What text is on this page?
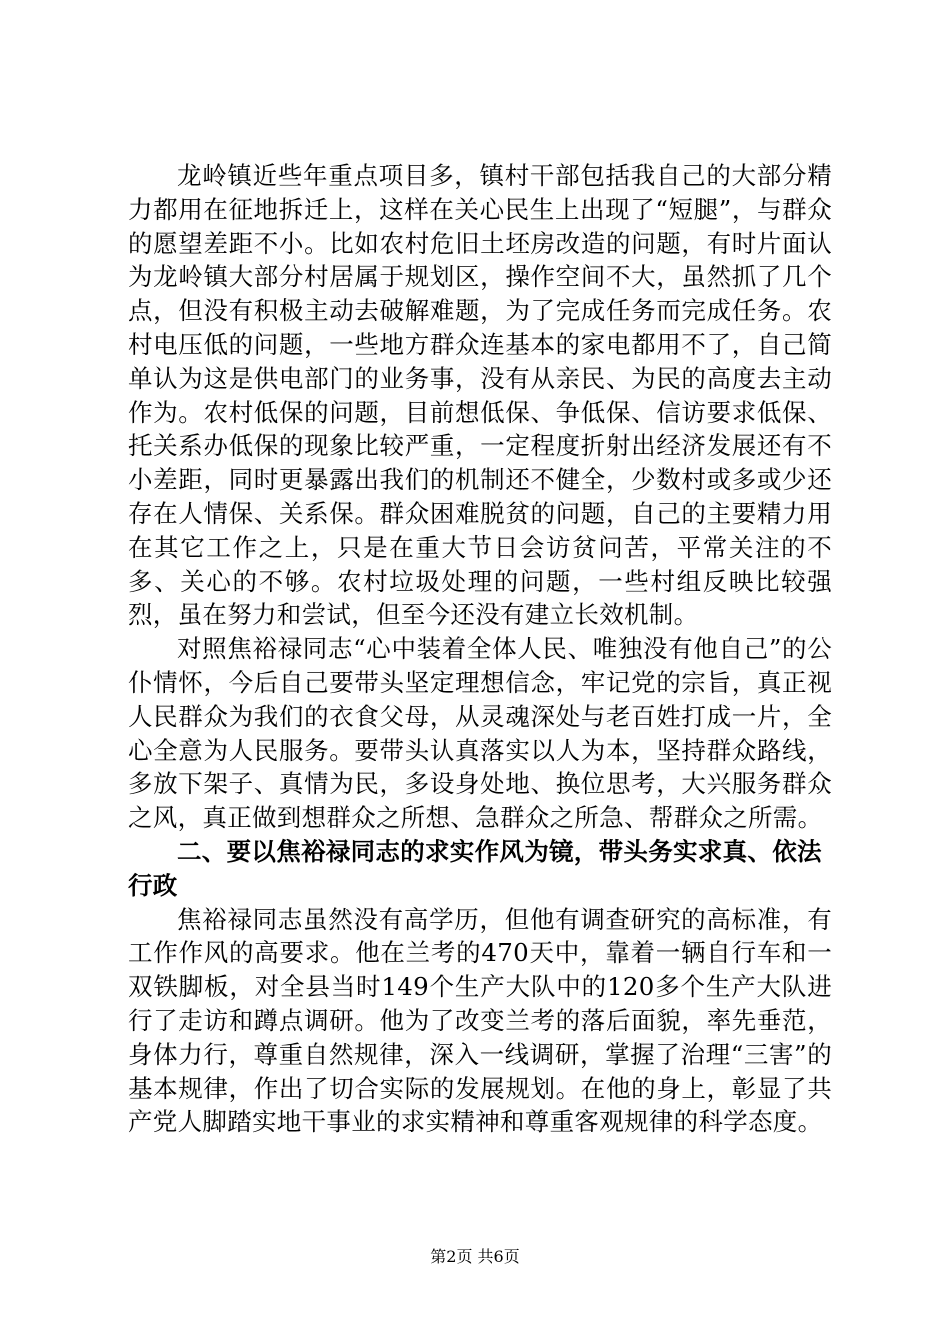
龙岭镇近些年重点项目多，镇村干部包括我自己的大部分精力都用在征地拆迁上，这样在关心民生上出现了“短腿”，与群众的愿望差距不小。比如农村危旧土坯房改造的问题，有时片面认为龙岭镇大部分村居属于规划区，操作空间不大，虽然抓了几个点，但没有积极主动去破解难题，为了完成任务而完成任务。农村电压低的问题，一些地方群众连基本的家电都用不了，自己简单认为这是供电部门的业务事，没有从亲民、为民的高度去主动作为。农村低保的问题，目前想低保、争低保、信访要求低保、托关系办低保的现象比较严重，一定程度折射出经济发展还有不小差距，同时更暴露出我们的机制还不健全，少数村或多或少还存在人情保、关系保。群众困难脱贫的问题，自己的主要精力用在其它工作之上，只是在重大节日会访贫问苦，平常关注的不多、关心的不够。农村垃圾处理的问题，一些村组反映比较强烈，虽在努力和尝试，但至今还没有建立长效机制。

对照焦裕禄同志“心中装着全体人民、唯独没有他自己”的公仆情怀，今后自己要带头坚定理想信念，牢记党的宗旨，真正视人民群众为我们的衣食父母，从灵魂深处与老百姓打成一片，全心全意为人民服务。要带头认真落实以人为本，坚持群众路线，多放下架子、真情为民，多设身处地、换位思考，大兴服务群众之风，真正做到想群众之所想、急群众之所急、帮群众之所需。

二、要以焦裕禄同志的求实作风为镜，带头务实求真、依法行政

焦裕禄同志虽然没有高学历，但他有调查研究的高标准，有工作作风的高要求。他在兰考的470天中，靠着一辆自行车和一双铁脚板，对全县当时149个生产大队中的120多个生产大队进行了走访和蹲点调研。他为了改变兰考的落后面貌，率先垂范，身体力行，尊重自然规律，深入一线调研，掌握了治理“三害”的基本规律，作出了切合实际的发展规划。在他的身上，彰显了共产党人脚踏实地干事业的求实精神和尊重客观规律的科学态度。

第2页 共6页
